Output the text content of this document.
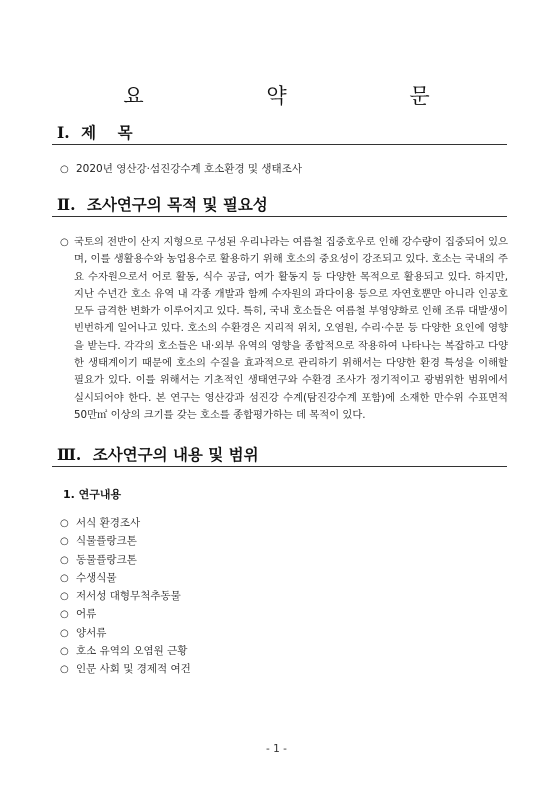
요 약 문
Ⅰ. 제    목
○ 2020년 영산강·섬진강수계 호소환경 및 생태조사
Ⅱ. 조사연구의 목적 및 필요성
○ 국토의 전반이 산지 지형으로 구성된 우리나라는 여름철 집중호우로 인해 강수량이 집중되어 있으며, 이를 생활용수와 농업용수로 활용하기 위해 호소의 중요성이 강조되고 있다. 호소는 국내의 주요 수자원으로서 어로 활동, 식수 공급, 여가 활동지 등 다양한 목적으로 활용되고 있다. 하지만, 지난 수년간 호소 유역 내 각종 개발과 함께 수자원의 과다이용 등으로 자연호뿐만 아니라 인공호 모두 급격한 변화가 이루어지고 있다. 특히, 국내 호소들은 여름철 부영양화로 인해 조류 대발생이 빈번하게 일어나고 있다. 호소의 수환경은 지리적 위치, 오염원, 수리·수문 등 다양한 요인에 영향을 받는다. 각각의 호소들은 내·외부 유역의 영향을 종합적으로 작용하여 나타나는 복잡하고 다양한 생태계이기 때문에 호소의 수질을 효과적으로 관리하기 위해서는 다양한 환경 특성을 이해할 필요가 있다. 이를 위해서는 기초적인 생태연구와 수환경 조사가 정기적이고 광범위한 범위에서 실시되어야 한다. 본 연구는 영산강과 섬진강 수계(탐진강수계 포함)에 소재한 만수위 수표면적 50만㎡ 이상의 크기를 갖는 호소를 종합평가하는 데 목적이 있다.
Ⅲ. 조사연구의 내용 및 범위
1. 연구내용
○ 서식 환경조사
○ 식물플랑크톤
○ 동물플랑크톤
○ 수생식물
○ 저서성 대형무척추동물
○ 어류
○ 양서류
○ 호소 유역의 오염원 근황
○ 인문 사회 및 경제적 여건
- 1 -
